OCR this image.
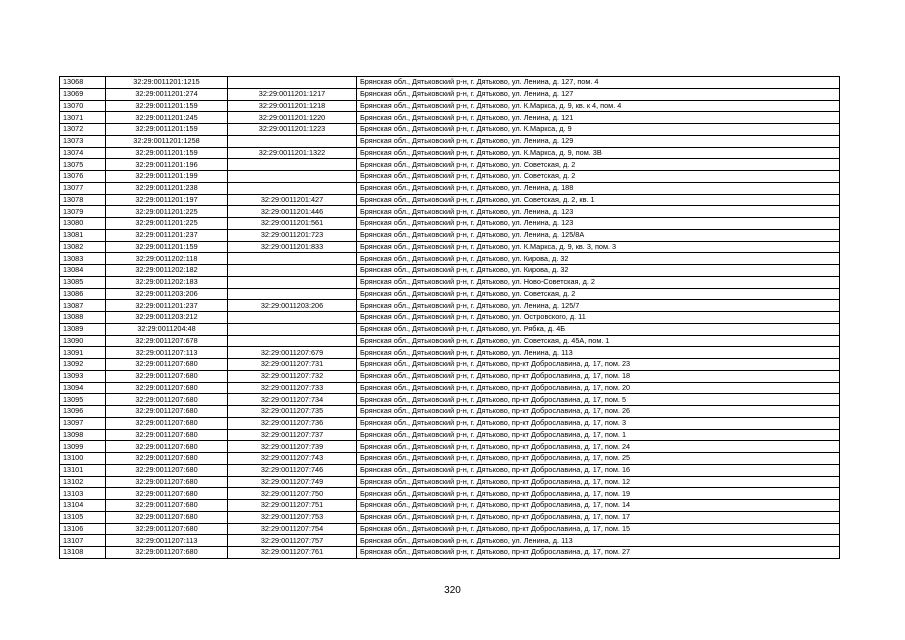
13068	32:29:0011201:1215		Брянская обл., Дятьковский р-н, г. Дятьково, ул. Ленина, д. 127, пом. 4
13069	32:29:0011201:274	32:29:0011201:1217	Брянская обл., Дятьковский р-н, г. Дятьково, ул. Ленина, д. 127
13070	32:29:0011201:159	32:29:0011201:1218	Брянская обл., Дятьковский р-н, г. Дятьково, ул. К.Маркса, д. 9, кв. к 4, пом. 4
13071	32:29:0011201:245	32:29:0011201:1220	Брянская обл., Дятьковский р-н, г. Дятьково, ул. Ленина, д. 121
13072	32:29:0011201:159	32:29:0011201:1223	Брянская обл., Дятьковский р-н, г. Дятьково, ул. К.Маркса, д. 9
13073	32:29:0011201:1258		Брянская обл., Дятьковский р-н, г. Дятьково, ул. Ленина, д. 129
13074	32:29:0011201:159	32:29:0011201:1322	Брянская обл., Дятьковский р-н, г. Дятьково, ул. К.Маркса, д. 9, пом. 3В
13075	32:29:0011201:196		Брянская обл., Дятьковский р-н, г. Дятьково, ул. Советская, д. 2
13076	32:29:0011201:199		Брянская обл., Дятьковский р-н, г. Дятьково, ул. Советская, д. 2
13077	32:29:0011201:238		Брянская обл., Дятьковский р-н, г. Дятьково, ул. Ленина, д. 188
13078	32:29:0011201:197	32:29:0011201:427	Брянская обл., Дятьковский р-н, г. Дятьково, ул. Советская, д. 2, кв. 1
13079	32:29:0011201:225	32:29:0011201:446	Брянская обл., Дятьковский р-н, г. Дятьково, ул. Ленина, д. 123
13080	32:29:0011201:225	32:29:0011201:561	Брянская обл., Дятьковский р-н, г. Дятьково, ул. Ленина, д. 123
13081	32:29:0011201:237	32:29:0011201:723	Брянская обл., Дятьковский р-н, г. Дятьково, ул. Ленина, д. 125/8А
13082	32:29:0011201:159	32:29:0011201:833	Брянская обл., Дятьковский р-н, г. Дятьково, ул. К.Маркса, д. 9, кв. 3, пом. 3
13083	32:29:0011202:118		Брянская обл., Дятьковский р-н, г. Дятьково, ул. Кирова, д. 32
13084	32:29:0011202:182		Брянская обл., Дятьковский р-н, г. Дятьково, ул. Кирова, д. 32
13085	32:29:0011202:183		Брянская обл., Дятьковский р-н, г. Дятьково, ул. Ново-Советская, д. 2
13086	32:29:0011203:206		Брянская обл., Дятьковский р-н, г. Дятьково, ул. Советская, д. 2
13087	32:29:0011201:237	32:29:0011203:206	Брянская обл., Дятьковский р-н, г. Дятьково, ул. Ленина, д. 125/7
13088	32:29:0011203:212		Брянская обл., Дятьковский р-н, г. Дятьково, ул. Островского, д. 11
13089	32:29:0011204:48		Брянская обл., Дятьковский р-н, г. Дятьково, ул. Рябка, д. 4Б
13090	32:29:0011207:678		Брянская обл., Дятьковский р-н, г. Дятьково, ул. Советская, д. 45А, пом. 1
13091	32:29:0011207:113	32:29:0011207:679	Брянская обл., Дятьковский р-н, г. Дятьково, ул. Ленина, д. 113
13092	32:29:0011207:680	32:29:0011207:731	Брянская обл., Дятьковский р-н, г. Дятьково, пр-кт Доброславина, д. 17, пом. 23
13093	32:29:0011207:680	32:29:0011207:732	Брянская обл., Дятьковский р-н, г. Дятьково, пр-кт Доброславина, д. 17, пом. 18
13094	32:29:0011207:680	32:29:0011207:733	Брянская обл., Дятьковский р-н, г. Дятьково, пр-кт Доброславина, д. 17, пом. 20
13095	32:29:0011207:680	32:29:0011207:734	Брянская обл., Дятьковский р-н, г. Дятьково, пр-кт Доброславина, д. 17, пом. 5
13096	32:29:0011207:680	32:29:0011207:735	Брянская обл., Дятьковский р-н, г. Дятьково, пр-кт Доброславина, д. 17, пом. 26
13097	32:29:0011207:680	32:29:0011207:736	Брянская обл., Дятьковский р-н, г. Дятьково, пр-кт Доброславина, д. 17, пом. 3
13098	32:29:0011207:680	32:29:0011207:737	Брянская обл., Дятьковский р-н, г. Дятьково, пр-кт Доброславина, д. 17, пом. 1
13099	32:29:0011207:680	32:29:0011207:739	Брянская обл., Дятьковский р-н, г. Дятьково, пр-кт Доброславина, д. 17, пом. 24
13100	32:29:0011207:680	32:29:0011207:743	Брянская обл., Дятьковский р-н, г. Дятьково, пр-кт Доброславина, д. 17, пом. 25
13101	32:29:0011207:680	32:29:0011207:746	Брянская обл., Дятьковский р-н, г. Дятьково, пр-кт Доброславина, д. 17, пом. 16
13102	32:29:0011207:680	32:29:0011207:749	Брянская обл., Дятьковский р-н, г. Дятьково, пр-кт Доброславина, д. 17, пом. 12
13103	32:29:0011207:680	32:29:0011207:750	Брянская обл., Дятьковский р-н, г. Дятьково, пр-кт Доброславина, д. 17, пом. 19
13104	32:29:0011207:680	32:29:0011207:751	Брянская обл., Дятьковский р-н, г. Дятьково, пр-кт Доброславина, д. 17, пом. 14
13105	32:29:0011207:680	32:29:0011207:753	Брянская обл., Дятьковский р-н, г. Дятьково, пр-кт Доброславина, д. 17, пом. 17
13106	32:29:0011207:680	32:29:0011207:754	Брянская обл., Дятьковский р-н, г. Дятьково, пр-кт Доброславина, д. 17, пом. 15
13107	32:29:0011207:113	32:29:0011207:757	Брянская обл., Дятьковский р-н, г. Дятьково, ул. Ленина, д. 113
13108	32:29:0011207:680	32:29:0011207:761	Брянская обл., Дятьковский р-н, г. Дятьково, пр-кт Доброславина, д. 17, пом. 27
320
